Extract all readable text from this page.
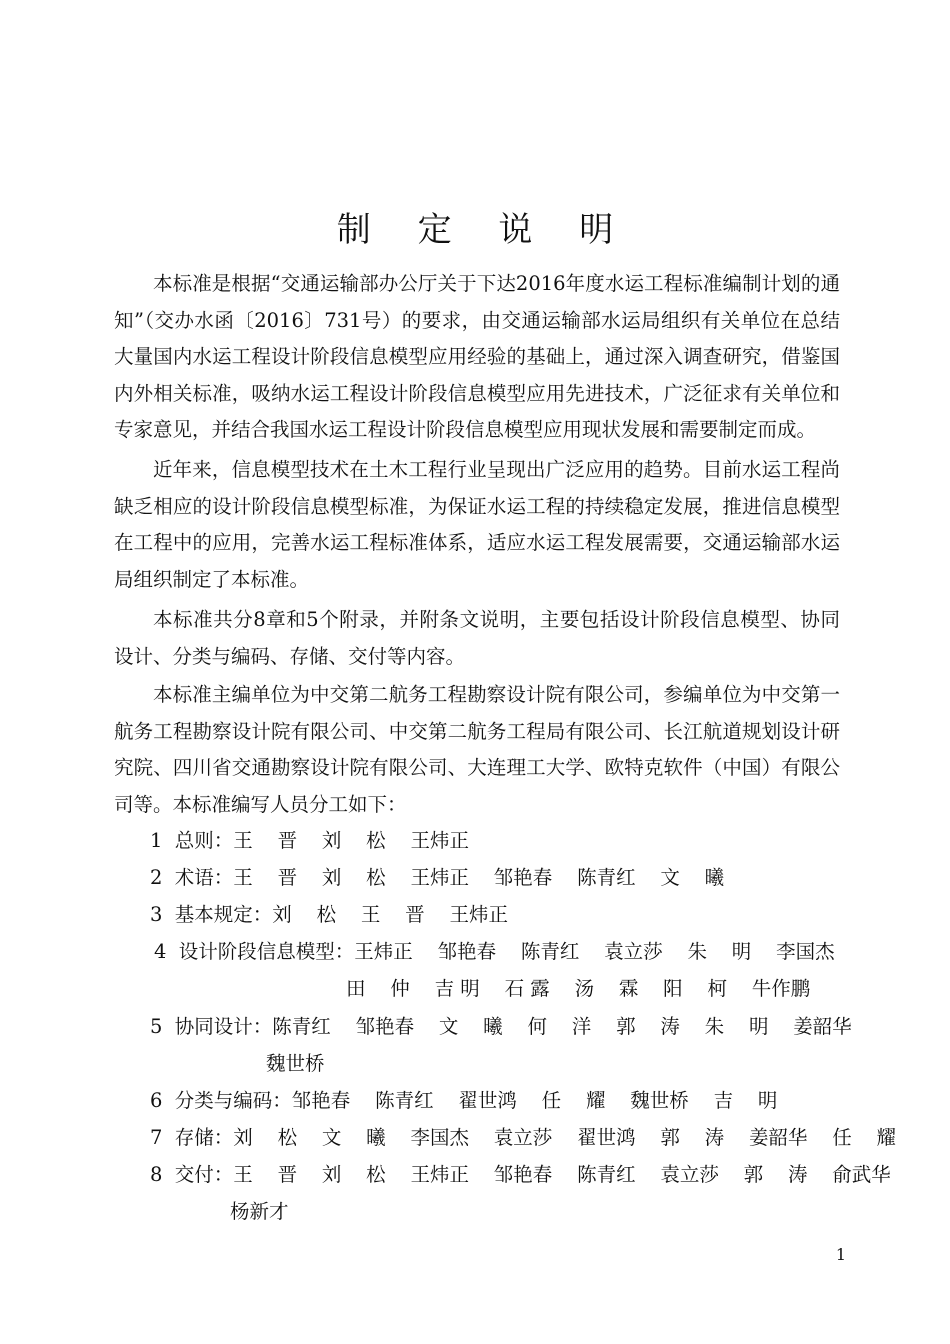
制 定 说 明

本标准是根据“交通运输部办公厅关于下达2016年度水运工程标准编制计划的通知”（交办水函〔2016〕731号）的要求，由交通运输部水运局组织有关单位在总结大量国内水运工程设计阶段信息模型应用经验的基础上，通过深入调查研究，借鉴国内外相关标准，吸纳水运工程设计阶段信息模型应用先进技术，广泛征求有关单位和专家意见，并结合我国水运工程设计阶段信息模型应用现状发展和需要制定而成。

近年来，信息模型技术在土木工程行业呈现出广泛应用的趋势。目前水运工程尚缺乏相应的设计阶段信息模型标准，为保证水运工程的持续稳定发展，推进信息模型在工程中的应用，完善水运工程标准体系，适应水运工程发展需要，交通运输部水运局组织制定了本标准。

本标准共分8章和5个附录，并附条文说明，主要包括设计阶段信息模型、协同设计、分类与编码、存储、交付等内容。

本标准主编单位为中交第二航务工程勘察设计院有限公司，参编单位为中交第一航务工程勘察设计院有限公司、中交第二航务工程局有限公司、长江航道规划设计研究院、四川省交通勘察设计院有限公司、大连理工大学、欧特克软件（中国）有限公司等。本标准编写人员分工如下：

1  总则：王    晋    刘    松    王炜正

2  术语：王    晋    刘    松    王炜正    邹艳春    陈青红    文    曦

3  基本规定：刘    松    王    晋    王炜正

4  设计阶段信息模型：王炜正    邹艳春    陈青红    袁立莎    朱    明    李国杰

田    仲    吉 明    石 露    汤    霖    阳    柯    牛作鹏

5  协同设计：陈青红    邹艳春    文    曦    何    洋    郭    涛    朱    明    姜韶华

魏世桥

6  分类与编码：邹艳春    陈青红    翟世鸿    任    耀    魏世桥    吉    明

7  存储：刘    松    文    曦    李国杰    袁立莎    翟世鸿    郭    涛    姜韶华    任    耀

8  交付：王    晋    刘    松    王炜正    邹艳春    陈青红    袁立莎    郭    涛    俞武华

杨新才

1
